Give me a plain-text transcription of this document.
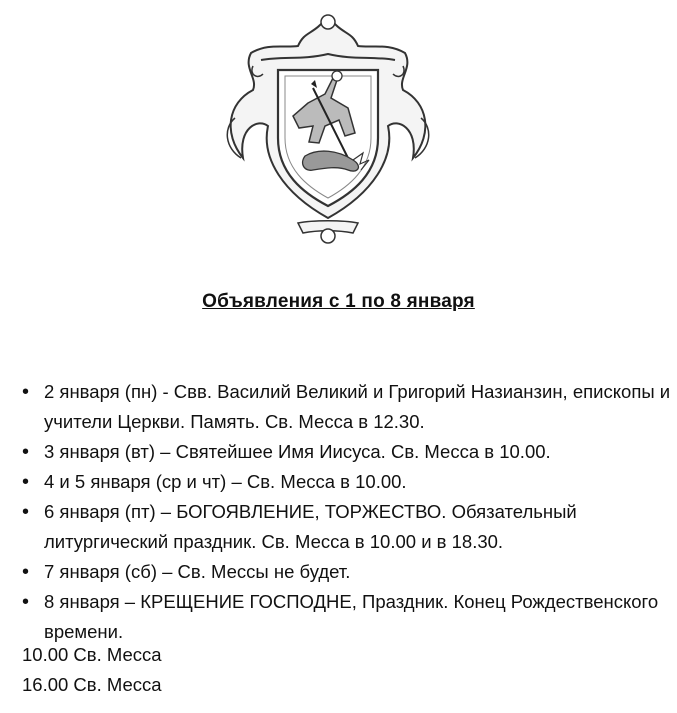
Объявления с 1 по 8 января
• 2 января (пн) - Свв. Василий Великий и Григорий Назианзин, епископы и учители Церкви. Память. Св. Месса в 12.30.
• 3 января (вт) – Святейшее Имя Иисуса. Св. Месса в 10.00.
• 4 и 5 января (ср и чт) – Св. Месса в 10.00.
• 6 января (пт) – БОГОЯВЛЕНИЕ, ТОРЖЕСТВО. Обязательный литургический праздник. Св. Месса в 10.00 и в 18.30.
• 7 января (сб) – Св. Мессы не будет.
• 8 января – КРЕЩЕНИЕ ГОСПОДНЕ, Праздник. Конец Рождественского времени.
10.00 Св. Месса
16.00 Св. Месса
